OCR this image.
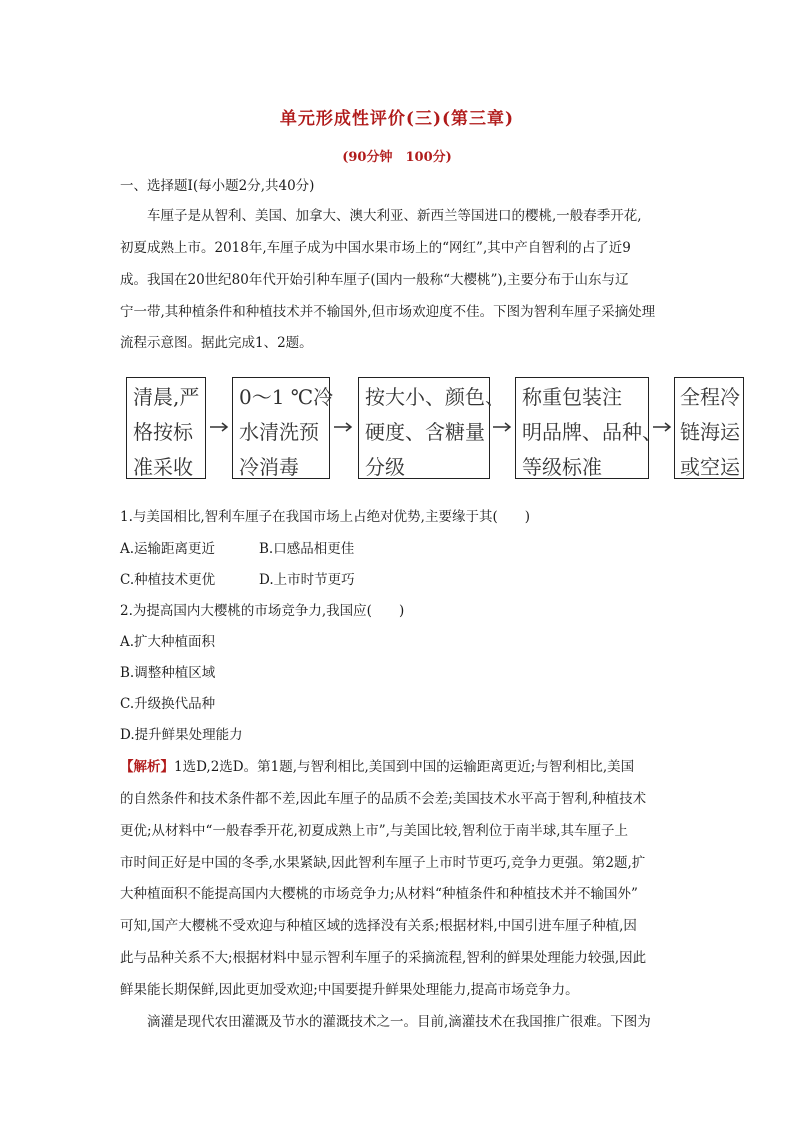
单元形成性评价(三)(第三章)
(90分钟　100分)
一、选择题Ⅰ(每小题2分,共40分)
车厘子是从智利、美国、加拿大、澳大利亚、新西兰等国进口的樱桃,一般春季开花,
初夏成熟上市。2018年,车厘子成为中国水果市场上的“网红”,其中产自智利的占了近9
成。我国在20世纪80年代开始引种车厘子(国内一般称“大樱桃”),主要分布于山东与辽
宁一带,其种植条件和种植技术并不输国外,但市场欢迎度不佳。下图为智利车厘子采摘处理
流程示意图。据此完成1、2题。
清晨,严
格按标
准采收
0～1 ℃冷
水清洗预
冷消毒
按大小、颜色、
硬度、含糖量
分级
称重包装注
明品牌、品种、
等级标准
全程冷
链海运
或空运
1.与美国相比,智利车厘子在我国市场上占绝对优势,主要缘于其(　　)
A.运输距离更近	B.口感品相更佳
C.种植技术更优	D.上市时节更巧
2.为提高国内大樱桃的市场竞争力,我国应(　　)
A.扩大种植面积
B.调整种植区域
C.升级换代品种
D.提升鲜果处理能力
【解析】1选D,2选D。第1题,与智利相比,美国到中国的运输距离更近;与智利相比,美国
的自然条件和技术条件都不差,因此车厘子的品质不会差;美国技术水平高于智利,种植技术
更优;从材料中“一般春季开花,初夏成熟上市”,与美国比较,智利位于南半球,其车厘子上
市时间正好是中国的冬季,水果紧缺,因此智利车厘子上市时节更巧,竞争力更强。第2题,扩
大种植面积不能提高国内大樱桃的市场竞争力;从材料“种植条件和种植技术并不输国外”
可知,国产大樱桃不受欢迎与种植区域的选择没有关系;根据材料,中国引进车厘子种植,因
此与品种关系不大;根据材料中显示智利车厘子的采摘流程,智利的鲜果处理能力较强,因此
鲜果能长期保鲜,因此更加受欢迎;中国要提升鲜果处理能力,提高市场竞争力。
滴灌是现代农田灌溉及节水的灌溉技术之一。目前,滴灌技术在我国推广很难。下图为
